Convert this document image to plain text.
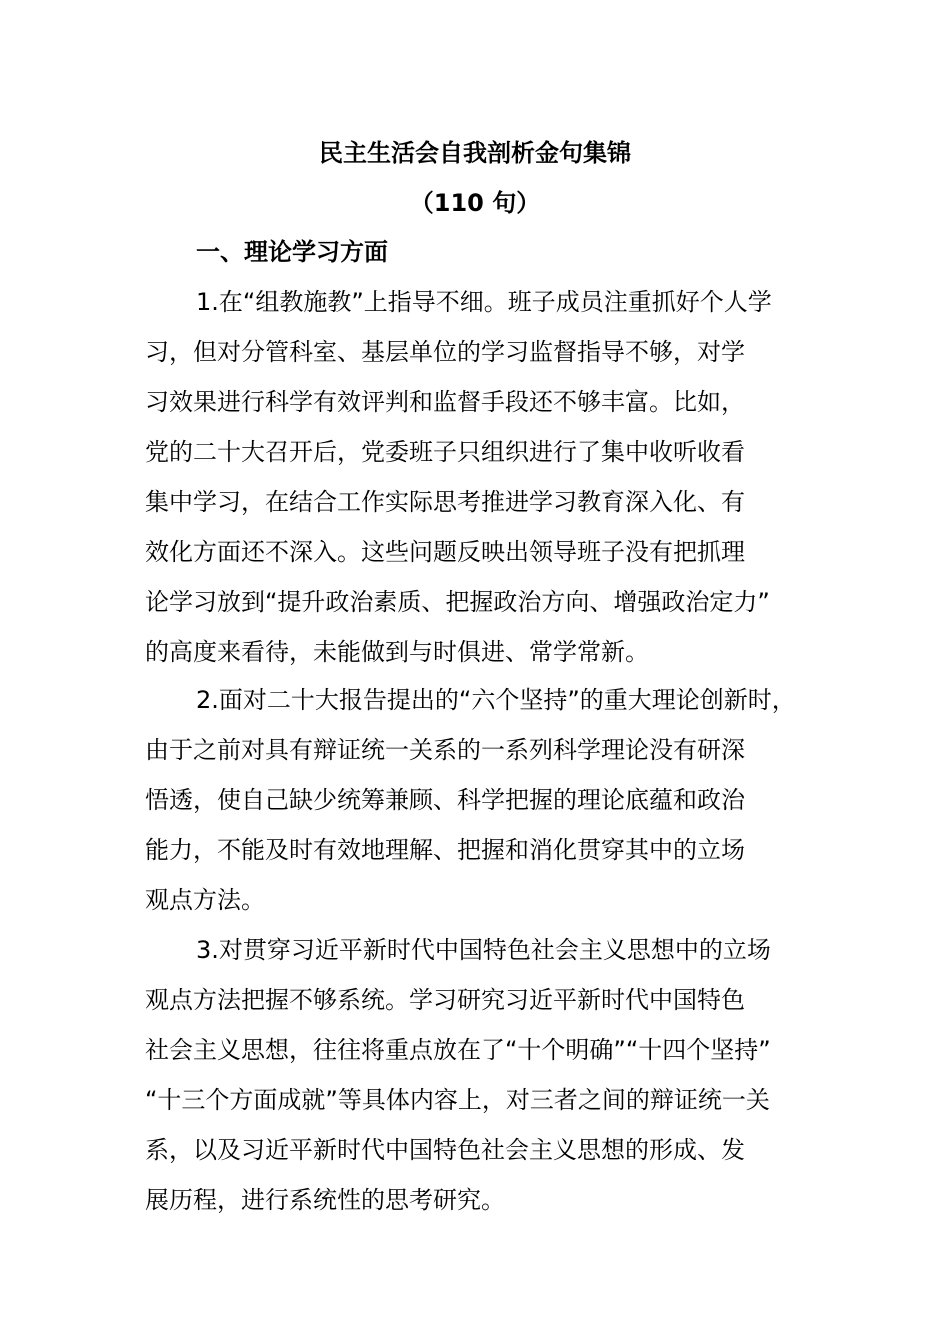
民主生活会自我剖析金句集锦
（110 句）
一、理论学习方面
1.在“组教施教”上指导不细。班子成员注重抓好个人学
习，但对分管科室、基层单位的学习监督指导不够，对学
习效果进行科学有效评判和监督手段还不够丰富。比如，
党的二十大召开后，党委班子只组织进行了集中收听收看
集中学习，在结合工作实际思考推进学习教育深入化、有
效化方面还不深入。这些问题反映出领导班子没有把抓理
论学习放到“提升政治素质、把握政治方向、增强政治定力”
的高度来看待，未能做到与时俱进、常学常新。
2.面对二十大报告提出的“六个坚持”的重大理论创新时，
由于之前对具有辩证统一关系的一系列科学理论没有研深
悟透，使自己缺少统筹兼顾、科学把握的理论底蕴和政治
能力，不能及时有效地理解、把握和消化贯穿其中的立场
观点方法。
3.对贯穿习近平新时代中国特色社会主义思想中的立场
观点方法把握不够系统。学习研究习近平新时代中国特色
社会主义思想，往往将重点放在了“十个明确”“十四个坚持”
“十三个方面成就”等具体内容上，对三者之间的辩证统一关
系，以及习近平新时代中国特色社会主义思想的形成、发
展历程，进行系统性的思考研究。
